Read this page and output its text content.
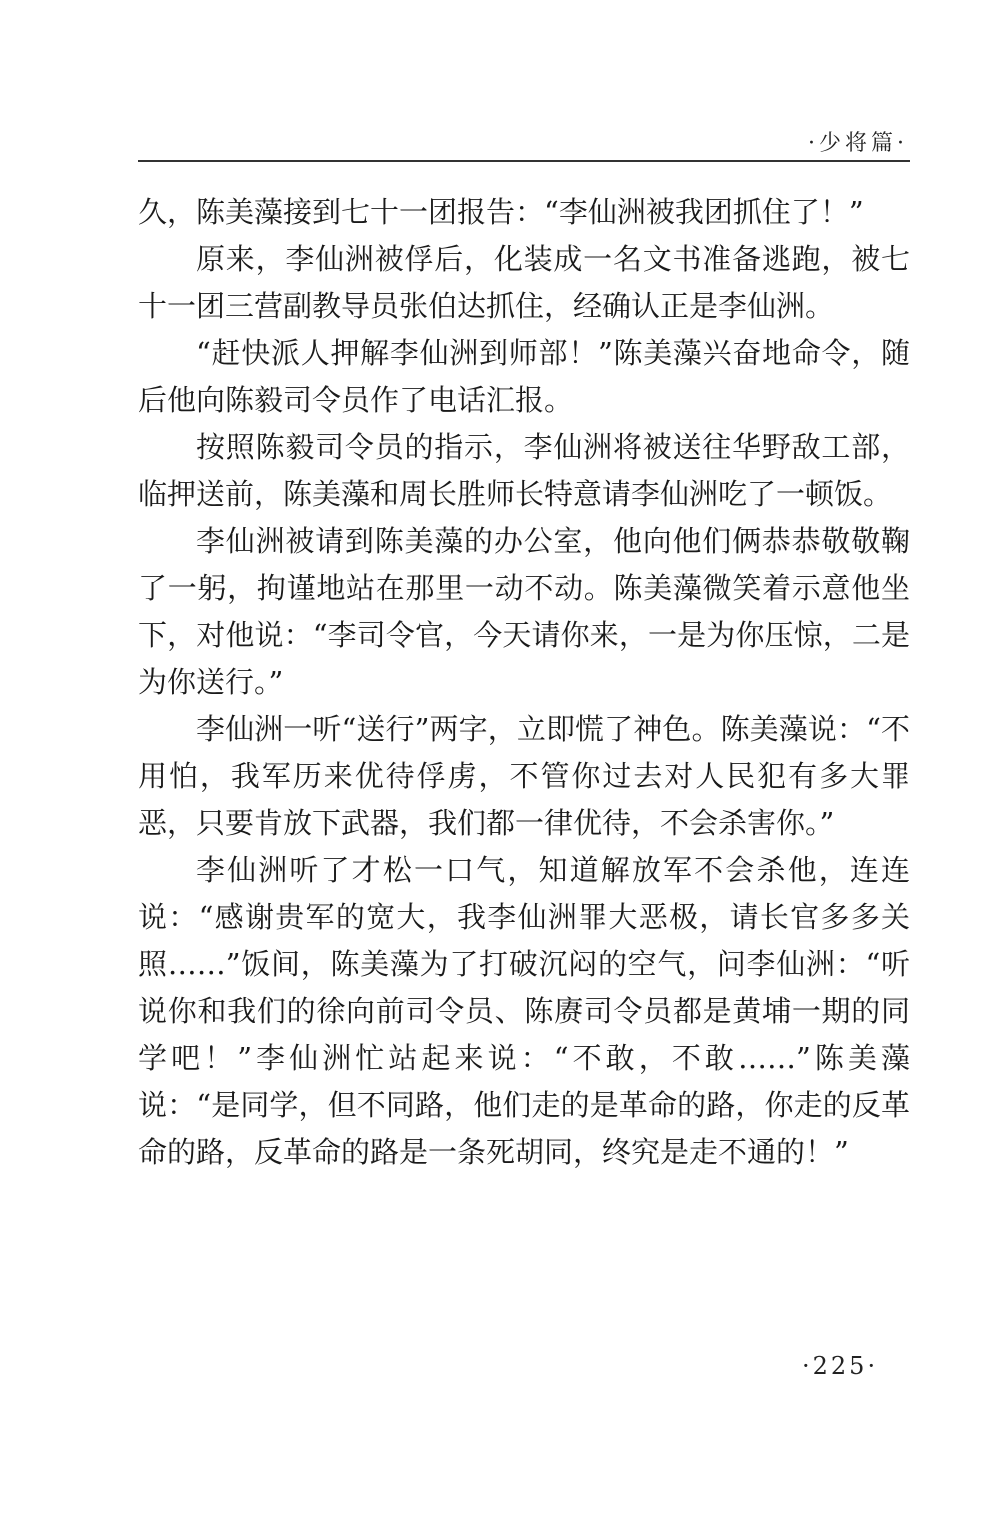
·少将篇·

久，陈美藻接到七十一团报告：“李仙洲被我团抓住了！”

原来，李仙洲被俘后，化装成一名文书准备逃跑，被七十一团三营副教导员张伯达抓住，经确认正是李仙洲。

“赶快派人押解李仙洲到师部！”陈美藻兴奋地命令，随后他向陈毅司令员作了电话汇报。

按照陈毅司令员的指示，李仙洲将被送往华野敌工部，临押送前，陈美藻和周长胜师长特意请李仙洲吃了一顿饭。

李仙洲被请到陈美藻的办公室，他向他们俩恭恭敬敬鞠了一躬，拘谨地站在那里一动不动。陈美藻微笑着示意他坐下，对他说：“李司令官，今天请你来，一是为你压惊，二是为你送行。”

李仙洲一听“送行”两字，立即慌了神色。陈美藻说：“不用怕，我军历来优待俘虏，不管你过去对人民犯有多大罪恶，只要肯放下武器，我们都一律优待，不会杀害你。”

李仙洲听了才松一口气，知道解放军不会杀他，连连说：“感谢贵军的宽大，我李仙洲罪大恶极，请长官多多关照……”饭间，陈美藻为了打破沉闷的空气，问李仙洲：“听说你和我们的徐向前司令员、陈赓司令员都是黄埔一期的同学吧！”李仙洲忙站起来说：“不敢，不敢……”陈美藻说：“是同学，但不同路，他们走的是革命的路，你走的反革命的路，反革命的路是一条死胡同，终究是走不通的！”

·225·
